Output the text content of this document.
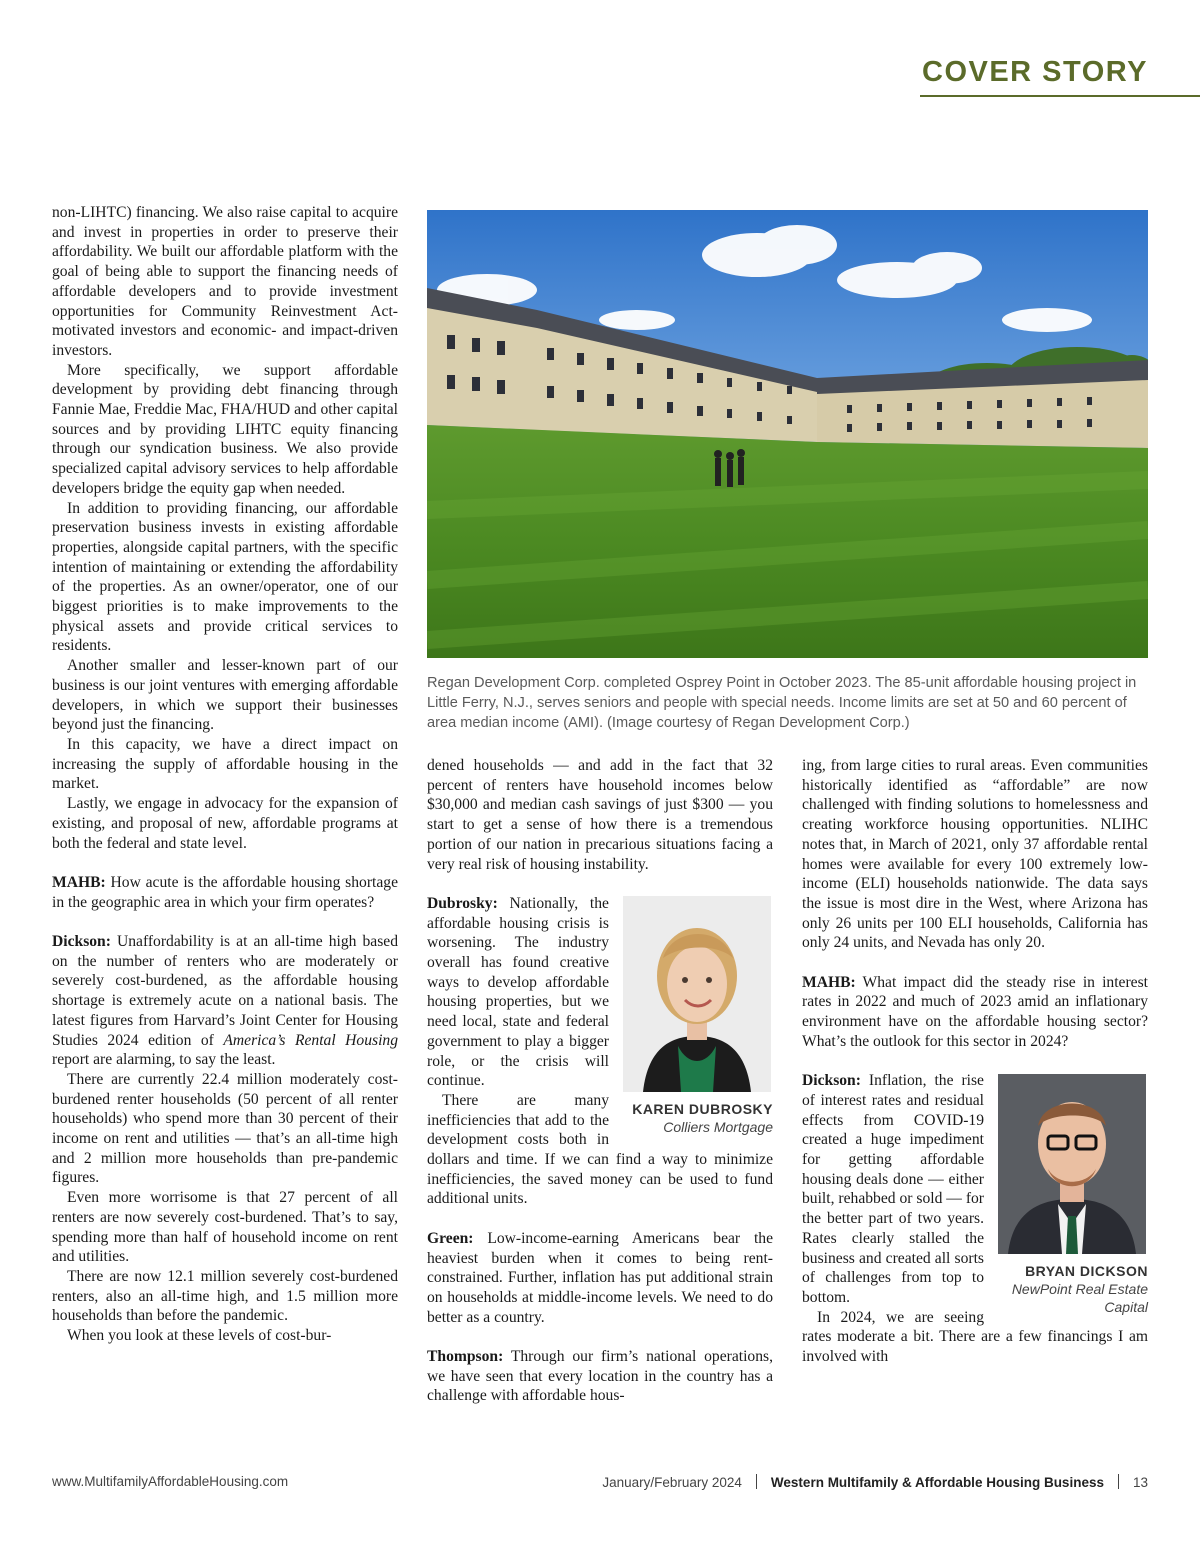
COVER STORY

non-LIHTC) financing. We also raise capital to acquire and invest in properties in order to preserve their affordability. We built our affordable platform with the goal of being able to support the financing needs of affordable developers and to provide investment opportunities for Community Reinvestment Act-motivated investors and economic- and impact-driven investors.

More specifically, we support affordable development by providing debt financing through Fannie Mae, Freddie Mac, FHA/HUD and other capital sources and by providing LIHTC equity financing through our syndication business. We also provide specialized capital advisory services to help affordable developers bridge the equity gap when needed.

In addition to providing financing, our affordable preservation business invests in existing affordable properties, alongside capital partners, with the specific intention of maintaining or extending the affordability of the properties. As an owner/operator, one of our biggest priorities is to make improvements to the physical assets and provide critical services to residents.

Another smaller and lesser-known part of our business is our joint ventures with emerging affordable developers, in which we support their businesses beyond just the financing.

In this capacity, we have a direct impact on increasing the supply of affordable housing in the market.

Lastly, we engage in advocacy for the expansion of existing, and proposal of new, affordable programs at both the federal and state level.

MAHB: How acute is the affordable housing shortage in the geographic area in which your firm operates?

Dickson: Unaffordability is at an all-time high based on the number of renters who are moderately or severely cost-burdened, as the affordable housing shortage is extremely acute on a national basis. The latest figures from Harvard’s Joint Center for Housing Studies 2024 edition of America’s Rental Housing report are alarming, to say the least.

There are currently 22.4 million moderately cost-burdened renter households (50 percent of all renter households) who spend more than 30 percent of their income on rent and utilities — that’s an all-time high and 2 million more households than pre-pandemic figures.

Even more worrisome is that 27 percent of all renters are now severely cost-burdened. That’s to say, spending more than half of household income on rent and utilities.

There are now 12.1 million severely cost-burdened renters, also an all-time high, and 1.5 million more households than before the pandemic.

When you look at these levels of cost-bur-

Regan Development Corp. completed Osprey Point in October 2023. The 85-unit affordable housing project in Little Ferry, N.J., serves seniors and people with special needs. Income limits are set at 50 and 60 percent of area median income (AMI). (Image courtesy of Regan Development Corp.)

dened households — and add in the fact that 32 percent of renters have household incomes below $30,000 and median cash savings of just $300 — you start to get a sense of how there is a tremendous portion of our nation in precarious situations facing a very real risk of housing instability.

KAREN DUBROSKY
Colliers Mortgage

Dubrosky: Nationally, the affordable housing crisis is worsening. The industry overall has found creative ways to develop affordable housing properties, but we need local, state and federal government to play a bigger role, or the crisis will continue.

There are many inefficiencies that add to the development costs both in dollars and time. If we can find a way to minimize inefficiencies, the saved money can be used to fund additional units.

Green: Low-income-earning Americans bear the heaviest burden when it comes to being rent-constrained. Further, inflation has put additional strain on households at middle-income levels. We need to do better as a country.

Thompson: Through our firm’s national operations, we have seen that every location in the country has a challenge with affordable hous-

ing, from large cities to rural areas. Even communities historically identified as “affordable” are now challenged with finding solutions to homelessness and creating workforce housing opportunities. NLIHC notes that, in March of 2021, only 37 affordable rental homes were available for every 100 extremely low-income (ELI) households nationwide. The data says the issue is most dire in the West, where Arizona has only 26 units per 100 ELI households, California has only 24 units, and Nevada has only 20.

MAHB: What impact did the steady rise in interest rates in 2022 and much of 2023 amid an inflationary environment have on the affordable housing sector? What’s the outlook for this sector in 2024?

BRYAN DICKSON
NewPoint Real Estate Capital

Dickson: Inflation, the rise of interest rates and residual effects from COVID-19 created a huge impediment for getting affordable housing deals done — either built, rehabbed or sold — for the better part of two years. Rates clearly stalled the business and created all sorts of challenges from top to bottom.

In 2024, we are seeing rates moderate a bit. There are a few financings I am involved with

www.MultifamilyAffordableHousing.com	January/February 2024 Western Multifamily & Affordable Housing Business 13
